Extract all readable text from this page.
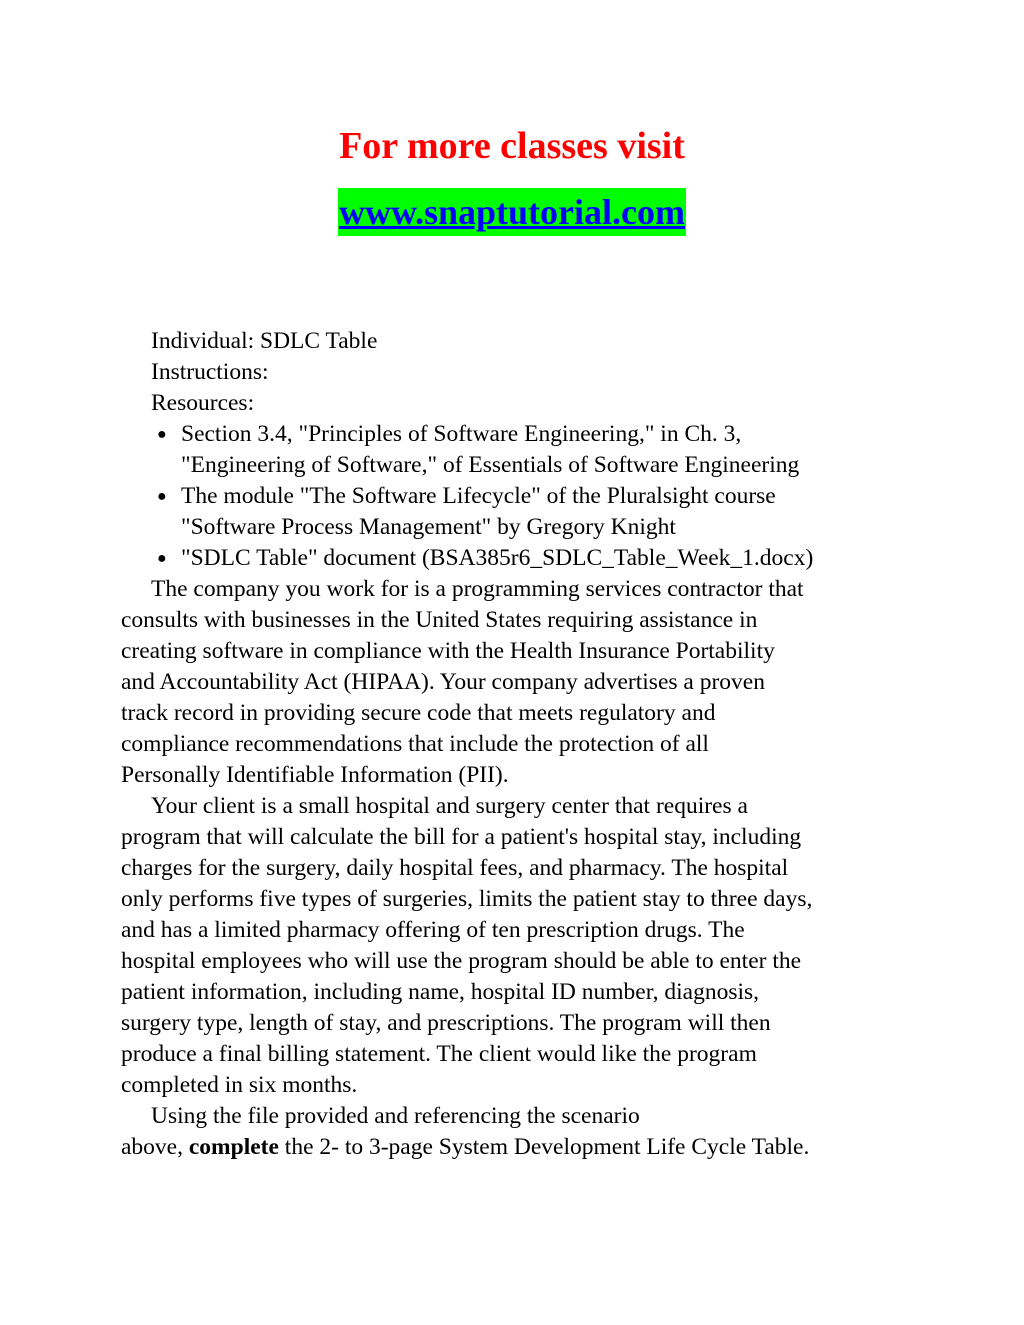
For more classes visit
www.snaptutorial.com
Individual: SDLC Table
Instructions:
Resources:
● Section 3.4, "Principles of Software Engineering," in Ch. 3,
"Engineering of Software," of Essentials of Software Engineering
● The module "The Software Lifecycle" of the Pluralsight course
"Software Process Management" by Gregory Knight
● "SDLC Table" document (BSA385r6_SDLC_Table_Week_1.docx)
The company you work for is a programming services contractor that
consults with businesses in the United States requiring assistance in
creating software in compliance with the Health Insurance Portability
and Accountability Act (HIPAA). Your company advertises a proven
track record in providing secure code that meets regulatory and
compliance recommendations that include the protection of all
Personally Identifiable Information (PII).
Your client is a small hospital and surgery center that requires a
program that will calculate the bill for a patient's hospital stay, including
charges for the surgery, daily hospital fees, and pharmacy. The hospital
only performs five types of surgeries, limits the patient stay to three days,
and has a limited pharmacy offering of ten prescription drugs. The
hospital employees who will use the program should be able to enter the
patient information, including name, hospital ID number, diagnosis,
surgery type, length of stay, and prescriptions. The program will then
produce a final billing statement. The client would like the program
completed in six months.
Using the file provided and referencing the scenario
above, complete the 2- to 3-page System Development Life Cycle Table.
